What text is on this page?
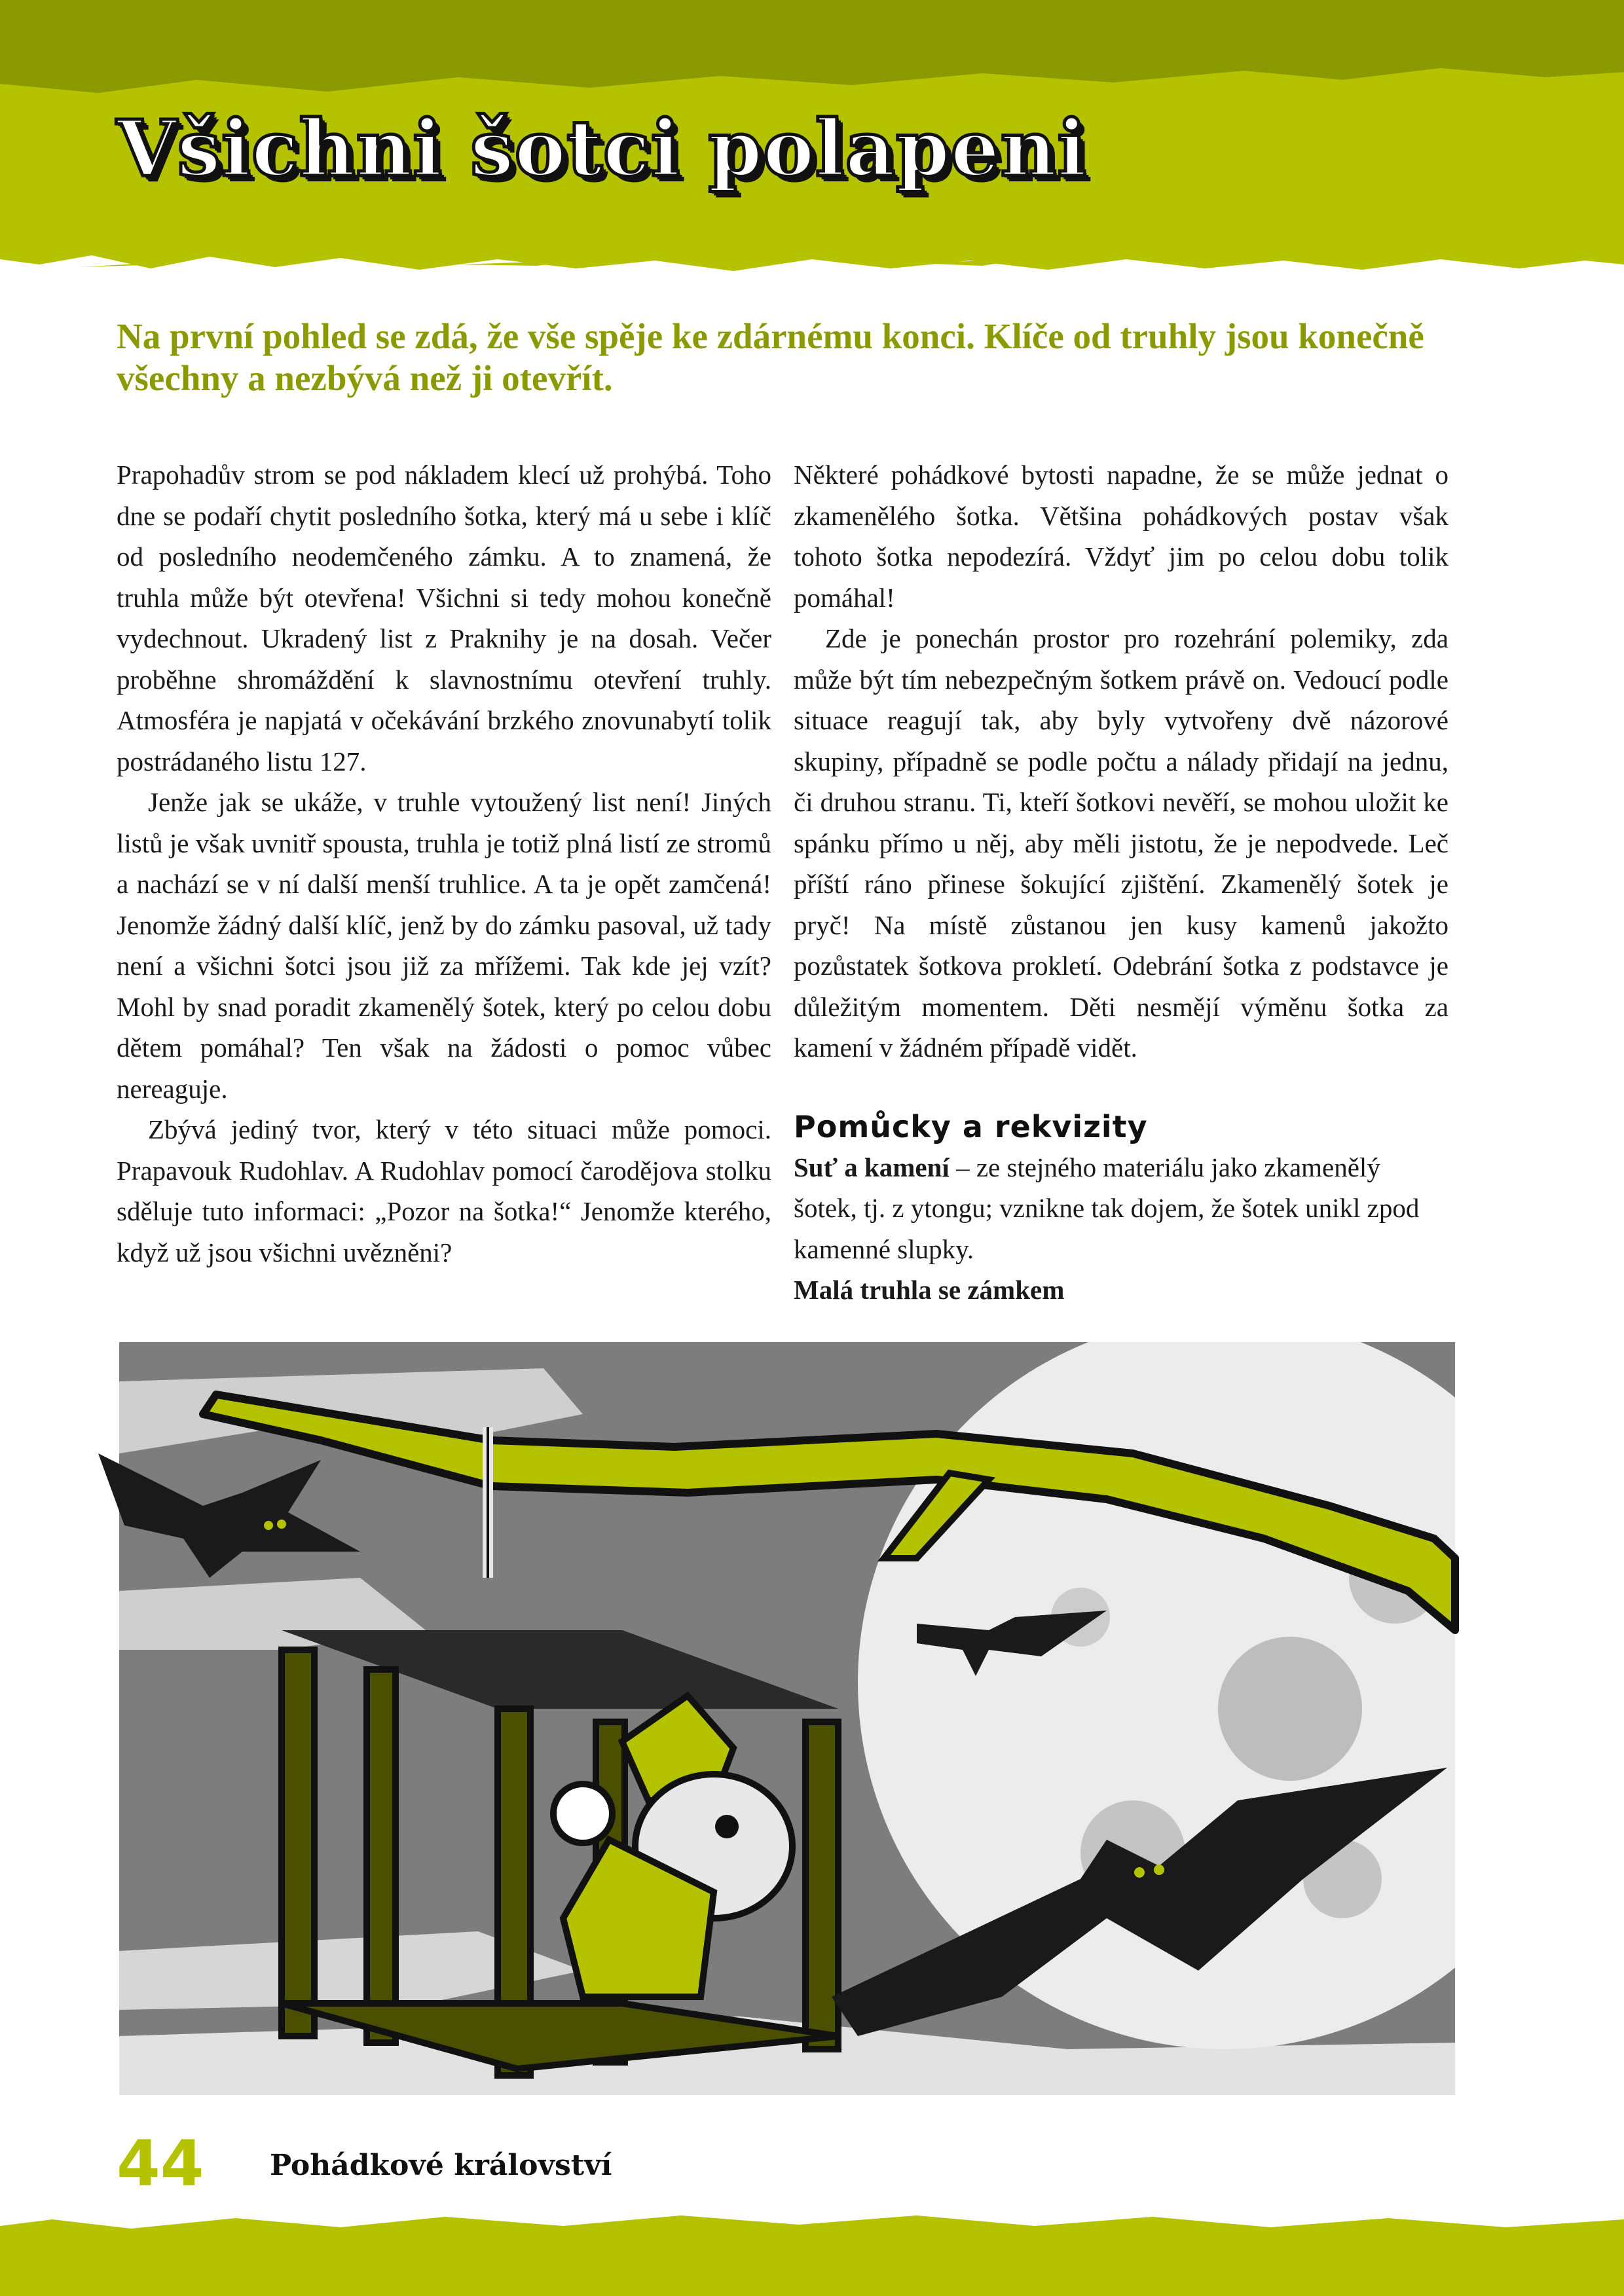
Všichni šotci polapeni

Na první pohled se zdá, že vše spěje ke zdárnému konci. Klíče od truhly jsou konečně všechny a nezbývá než ji otevřít.

Prapohadův strom se pod nákladem klecí už prohýbá. Toho dne se podaří chytit posledního šotka, který má u sebe i klíč od posledního neodemčeného zámku. A to znamená, že truhla může být otevřena! Všichni si tedy mohou konečně vydechnout. Ukradený list z Praknihy je na dosah. Večer proběhne shromáždění k slavnostnímu otevření truhly. Atmosféra je napjatá v očekávání brzkého znovunabytí tolik postrádaného listu 127.

Jenže jak se ukáže, v truhle vytoužený list není! Jiných listů je však uvnitř spousta, truhla je totiž plná listí ze stromů a nachází se v ní další menší truhlice. A ta je opět zamčená! Jenomže žádný další klíč, jenž by do zámku pasoval, už tady není a všichni šotci jsou již za mřížemi. Tak kde jej vzít? Mohl by snad poradit zkamenělý šotek, který po celou dobu dětem pomáhal? Ten však na žádosti o pomoc vůbec nereaguje.

Zbývá jediný tvor, který v této situaci může pomoci. Prapavouk Rudohlav. A Rudohlav pomocí čarodějova stolku sděluje tuto informaci: „Pozor na šotka!“ Jenomže kterého, když už jsou všichni uvězněni?

Některé pohádkové bytosti napadne, že se může jednat o zkamenělého šotka. Většina pohádkových postav však tohoto šotka nepodezírá. Vždyť jim po celou dobu tolik pomáhal!

Zde je ponechán prostor pro rozehrání polemiky, zda může být tím nebezpečným šotkem právě on. Vedoucí podle situace reagují tak, aby byly vytvořeny dvě názorové skupiny, případně se podle počtu a nálady přidají na jednu, či druhou stranu. Ti, kteří šotkovi nevěří, se mohou uložit ke spánku přímo u něj, aby měli jistotu, že je nepodvede. Leč příští ráno přinese šokující zjištění. Zkamenělý šotek je pryč! Na místě zůstanou jen kusy kamenů jakožto pozůstatek šotkova prokletí. Odebrání šotka z podstavce je důležitým momentem. Děti nesmějí výměnu šotka za kamení v žádném případě vidět.

Pomůcky a rekvizity

Suť a kamení – ze stejného materiálu jako zkamenělý šotek, tj. z ytongu; vznikne tak dojem, že šotek unikl zpod kamenné slupky.

Malá truhla se zámkem

44 Pohádkové království
